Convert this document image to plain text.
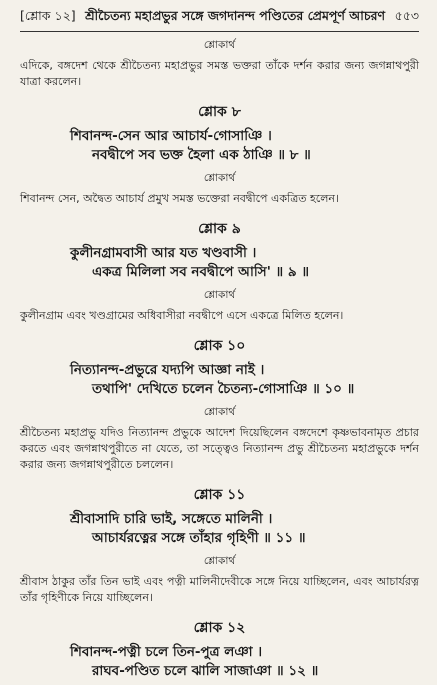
[শ্লোক ১২] শ্রীচৈতন্য মহাপ্রভুর সঙ্গে জগদানন্দ পণ্ডিতের প্রেমপূর্ণ আচরণ ৫৫৩
শ্লোকার্থ

এদিকে, বঙ্গদেশ থেকে শ্রীচৈতন্য মহাপ্রভুর সমস্ত ভক্তরা তাঁকে দর্শন করার জন্য জগন্নাথপুরী যাত্রা করলেন।

শ্লোক ৮
শিবানন্দ-সেন আর আচার্য-গোসাঞি ।
নবদ্বীপে সব ভক্ত হৈলা এক ঠাঞি ॥ ৮ ॥
শ্লোকার্থ

শিবানন্দ সেন, অদ্বৈত আচার্য প্রমুখ সমস্ত ভক্তেরা নবদ্বীপে একত্রিত হলেন।

শ্লোক ৯
কুলীনগ্রামবাসী আর যত খণ্ডবাসী ।
একত্র মিলিলা সব নবদ্বীপে আসি' ॥ ৯ ॥
শ্লোকার্থ

কুলীনগ্রাম এবং খণ্ডগ্রামের অধিবাসীরা নবদ্বীপে এসে একত্রে মিলিত হলেন।

শ্লোক ১০
নিত্যানন্দ-প্রভুরে যদ্যপি আজ্ঞা নাই ।
তথাপি' দেখিতে চলেন চৈতন্য-গোসাঞি ॥ ১০ ॥
শ্লোকার্থ

শ্রীচৈতন্য মহাপ্রভু যদিও নিত্যানন্দ প্রভুকে আদেশ দিয়েছিলেন বঙ্গদেশে কৃষ্ণভাবনামৃত প্রচার করতে এবং জগন্নাথপুরীতে না যেতে, তা সত্ত্বেও নিত্যানন্দ প্রভু শ্রীচৈতন্য মহাপ্রভুকে দর্শন করার জন্য জগন্নাথপুরীতে চললেন।

শ্লোক ১১
শ্রীবাসাদি চারি ভাই, সঙ্গেতে মালিনী ।
আচার্যরত্নের সঙ্গে তাঁহার গৃহিণী ॥ ১১ ॥
শ্লোকার্থ

শ্রীবাস ঠাকুর তাঁর তিন ভাই এবং পত্নী মালিনীদেবীকে সঙ্গে নিয়ে যাচ্ছিলেন, এবং আচার্যরত্ন তাঁর গৃহিণীকে নিয়ে যাচ্ছিলেন।

শ্লোক ১২
শিবানন্দ-পত্নী চলে তিন-পুত্র লঞা ।
রাঘব-পণ্ডিত চলে ঝালি সাজাঞা ॥ ১২ ॥
